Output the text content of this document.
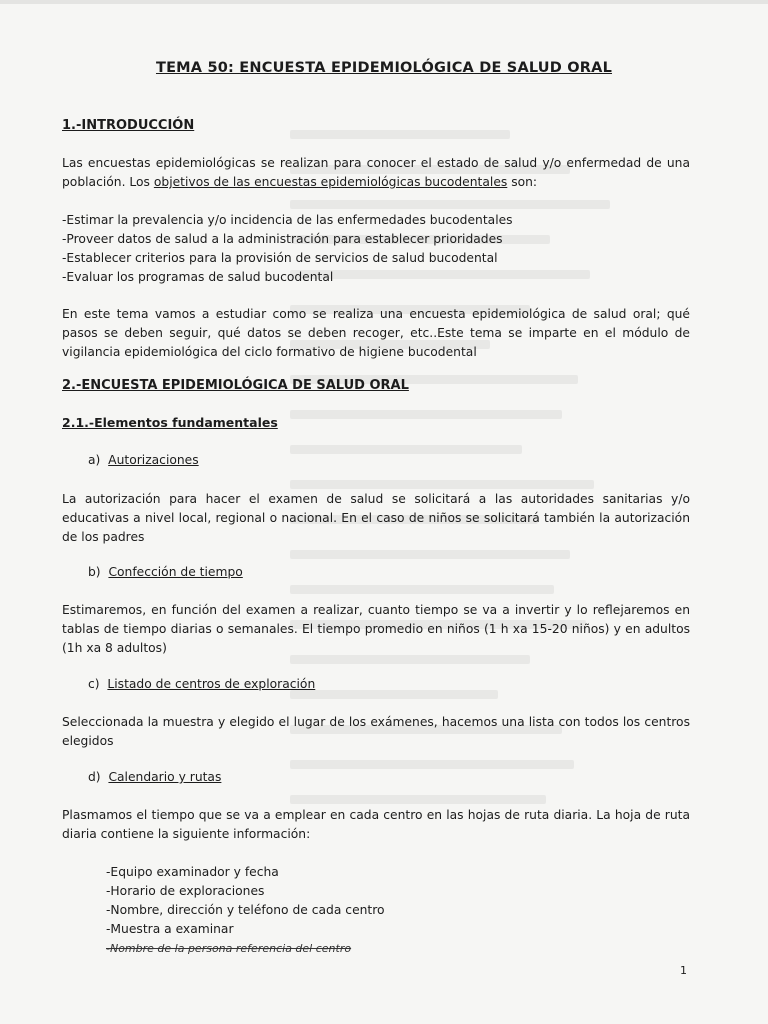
TEMA 50: ENCUESTA EPIDEMIOLÓGICA DE SALUD ORAL
1.-INTRODUCCIÓN
Las encuestas epidemiológicas se realizan para conocer el estado de salud y/o enfermedad de una población. Los objetivos de las encuestas epidemiológicas bucodentales son:
-Estimar la prevalencia y/o incidencia de las enfermedades bucodentales
-Proveer datos de salud a la administración para establecer prioridades
-Establecer criterios para la provisión de servicios de salud bucodental
-Evaluar los programas de salud bucodental
En este tema vamos a estudiar como se realiza una encuesta epidemiológica de salud oral; qué pasos se deben seguir, qué datos se deben recoger, etc..Este tema se imparte en el módulo de vigilancia epidemiológica del ciclo formativo de higiene bucodental
2.-ENCUESTA EPIDEMIOLÓGICA DE SALUD ORAL
2.1.-Elementos fundamentales
a) Autorizaciones
La autorización para hacer el examen de salud se solicitará a las autoridades sanitarias y/o educativas a nivel local, regional o nacional. En el caso de niños se solicitará también la autorización de los padres
b) Confección de tiempo
Estimaremos, en función del examen a realizar, cuanto tiempo se va a invertir y lo reflejaremos en tablas de tiempo diarias o semanales. El tiempo promedio en niños (1 h xa 15-20 niños) y en adultos (1h xa 8 adultos)
c) Listado de centros de exploración
Seleccionada la muestra y elegido el lugar de los exámenes, hacemos una lista con todos los centros elegidos
d) Calendario y rutas
Plasmamos el tiempo que se va a emplear en cada centro en las hojas de ruta diaria. La hoja de ruta diaria contiene la siguiente información:
-Equipo examinador y fecha
-Horario de exploraciones
-Nombre, dirección y teléfono de cada centro
-Muestra a examinar
-Nombre de la persona referencia del centro
1
